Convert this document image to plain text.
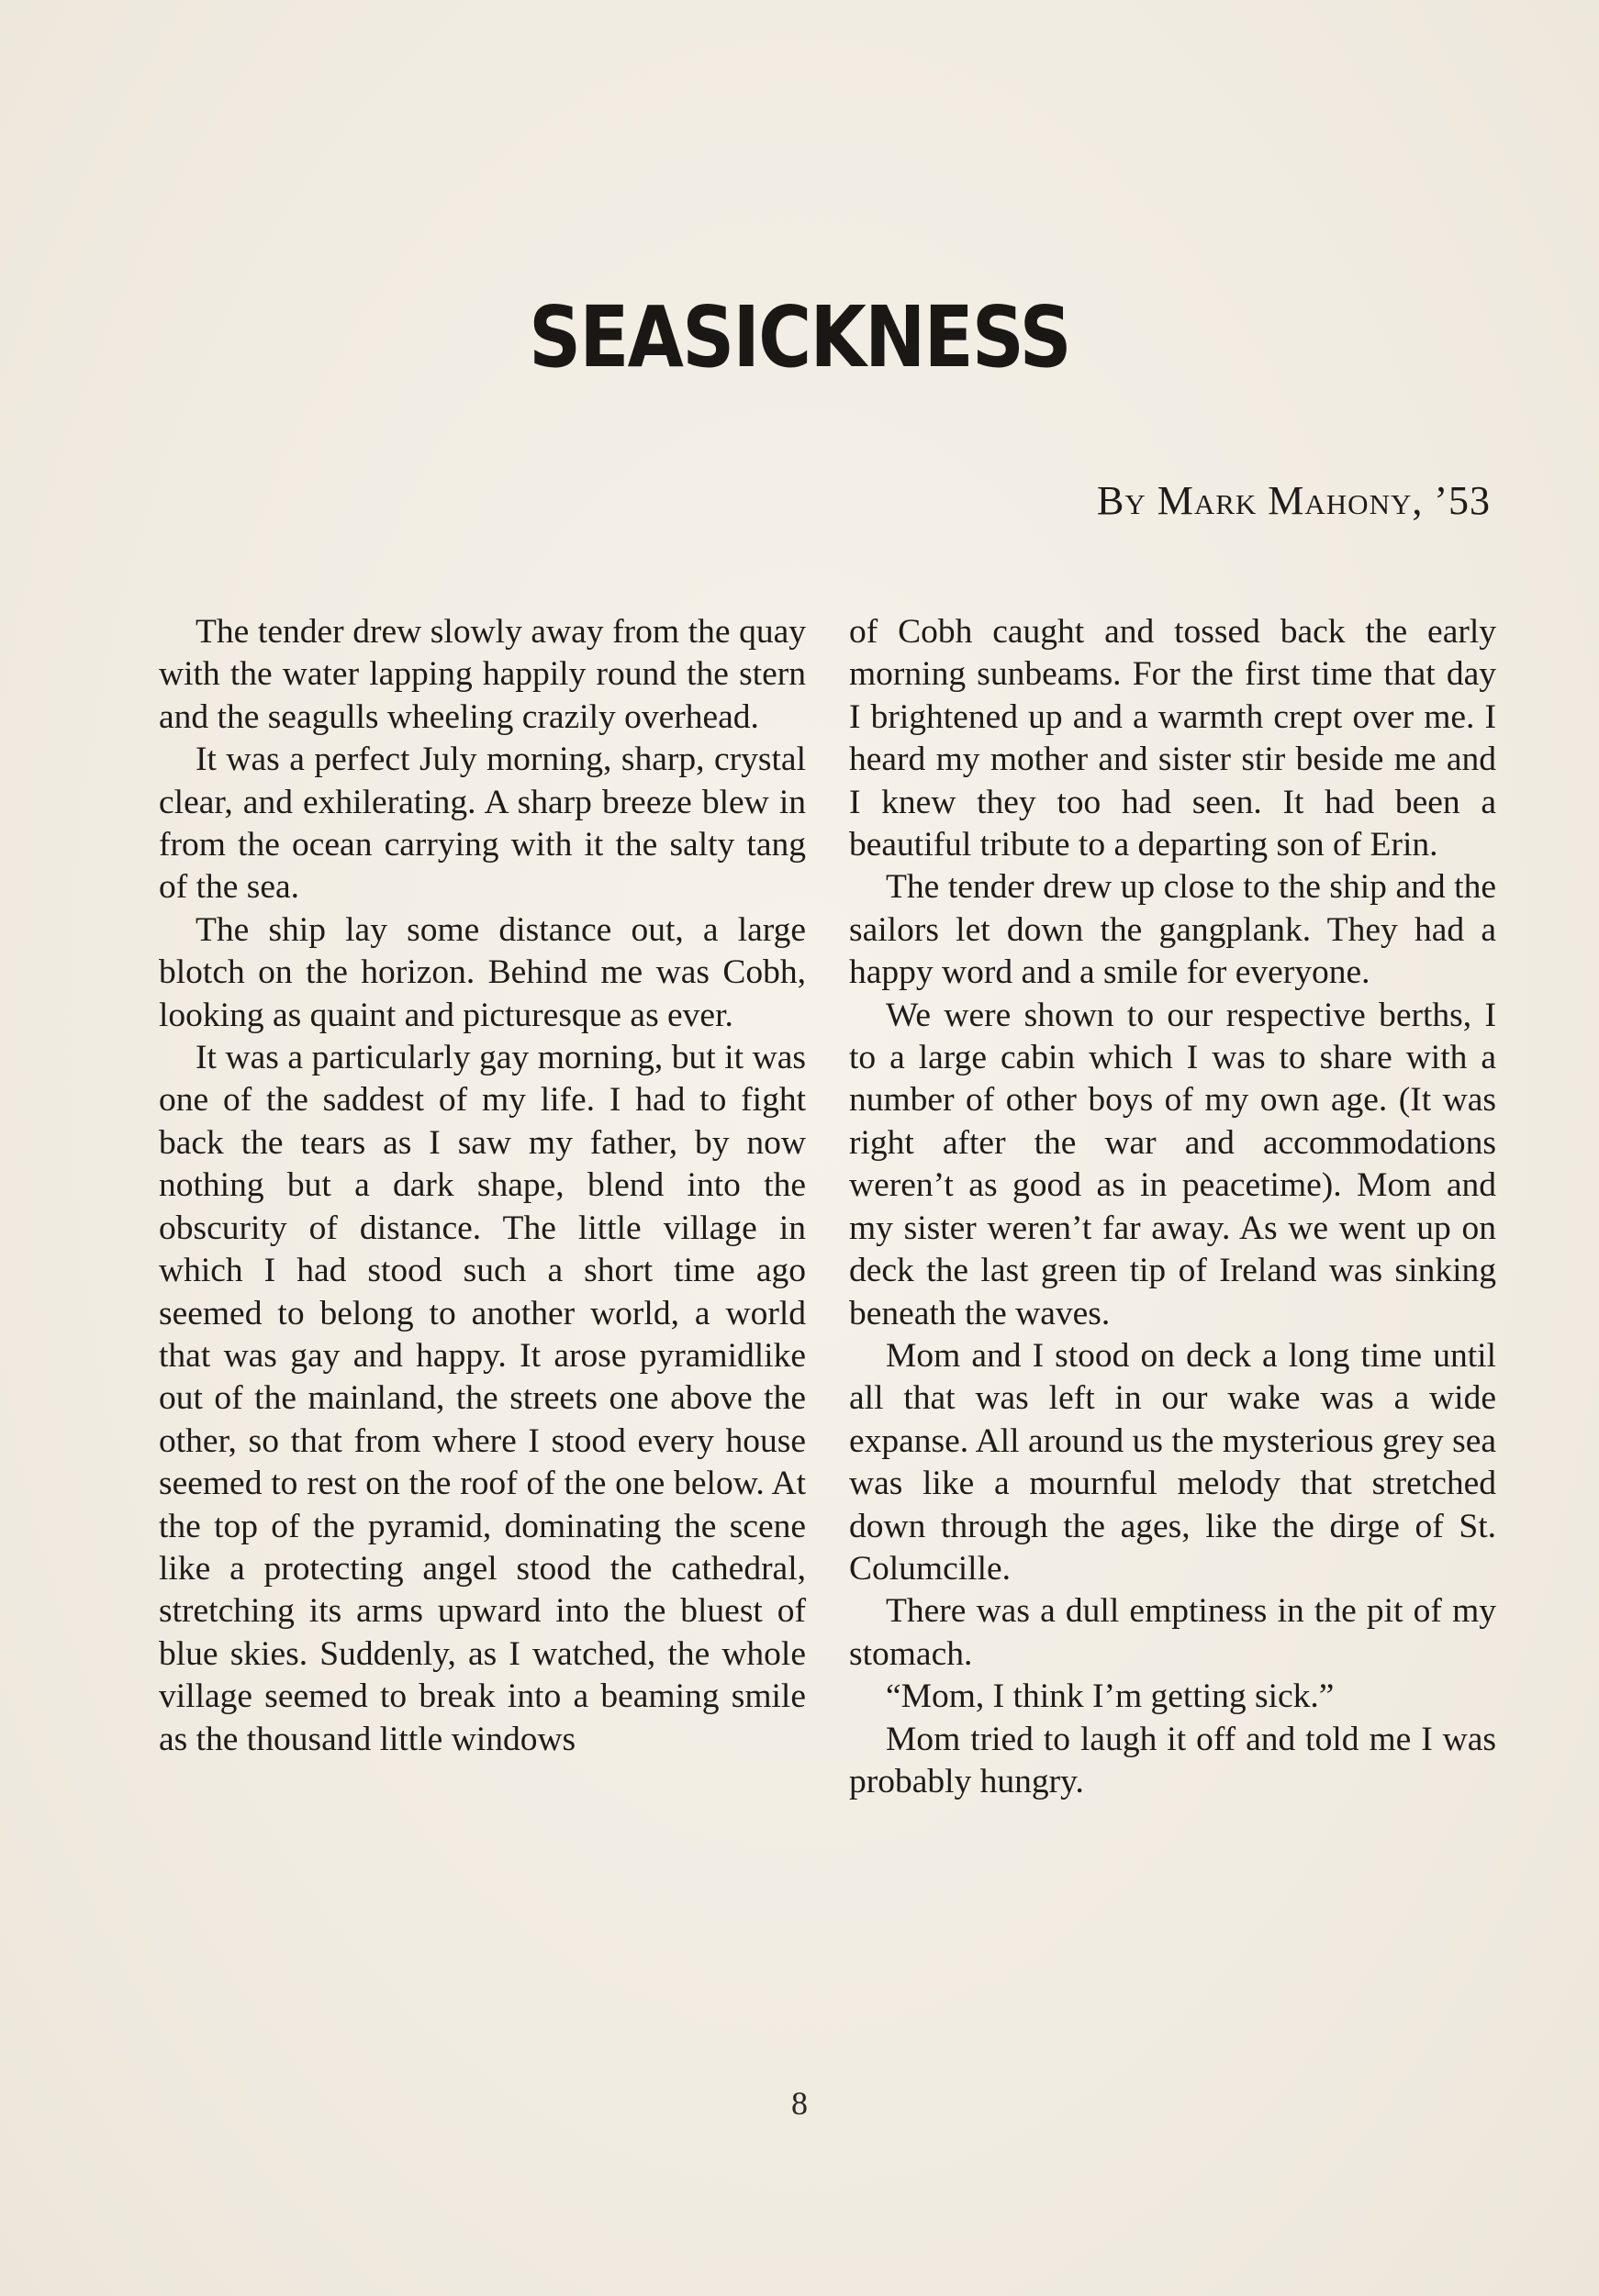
SEASICKNESS
By Mark Mahony, ’53

The tender drew slowly away from the quay with the water lapping happily round the stern and the seagulls wheeling crazily overhead.

It was a perfect July morning, sharp, crystal clear, and exhilerating. A sharp breeze blew in from the ocean carrying with it the salty tang of the sea.

The ship lay some distance out, a large blotch on the horizon. Behind me was Cobh, looking as quaint and picturesque as ever.

It was a particularly gay morning, but it was one of the saddest of my life. I had to fight back the tears as I saw my father, by now nothing but a dark shape, blend into the obscurity of distance. The little village in which I had stood such a short time ago seemed to belong to another world, a world that was gay and happy. It arose pyramidlike out of the mainland, the streets one above the other, so that from where I stood every house seemed to rest on the roof of the one below. At the top of the pyramid, dominating the scene like a protecting angel stood the cathedral, stretching its arms upward into the bluest of blue skies. Suddenly, as I watched, the whole village seemed to break into a beaming smile as the thousand little windows

of Cobh caught and tossed back the early morning sunbeams. For the first time that day I brightened up and a warmth crept over me. I heard my mother and sister stir beside me and I knew they too had seen. It had been a beautiful tribute to a departing son of Erin.

The tender drew up close to the ship and the sailors let down the gangplank. They had a happy word and a smile for everyone.

We were shown to our respective berths, I to a large cabin which I was to share with a number of other boys of my own age. (It was right after the war and accommodations weren’t as good as in peacetime). Mom and my sister weren’t far away. As we went up on deck the last green tip of Ireland was sinking beneath the waves.

Mom and I stood on deck a long time until all that was left in our wake was a wide expanse. All around us the mysterious grey sea was like a mournful melody that stretched down through the ages, like the dirge of St. Columcille.

There was a dull emptiness in the pit of my stomach.

“Mom, I think I’m getting sick.”

Mom tried to laugh it off and told me I was probably hungry.

8
